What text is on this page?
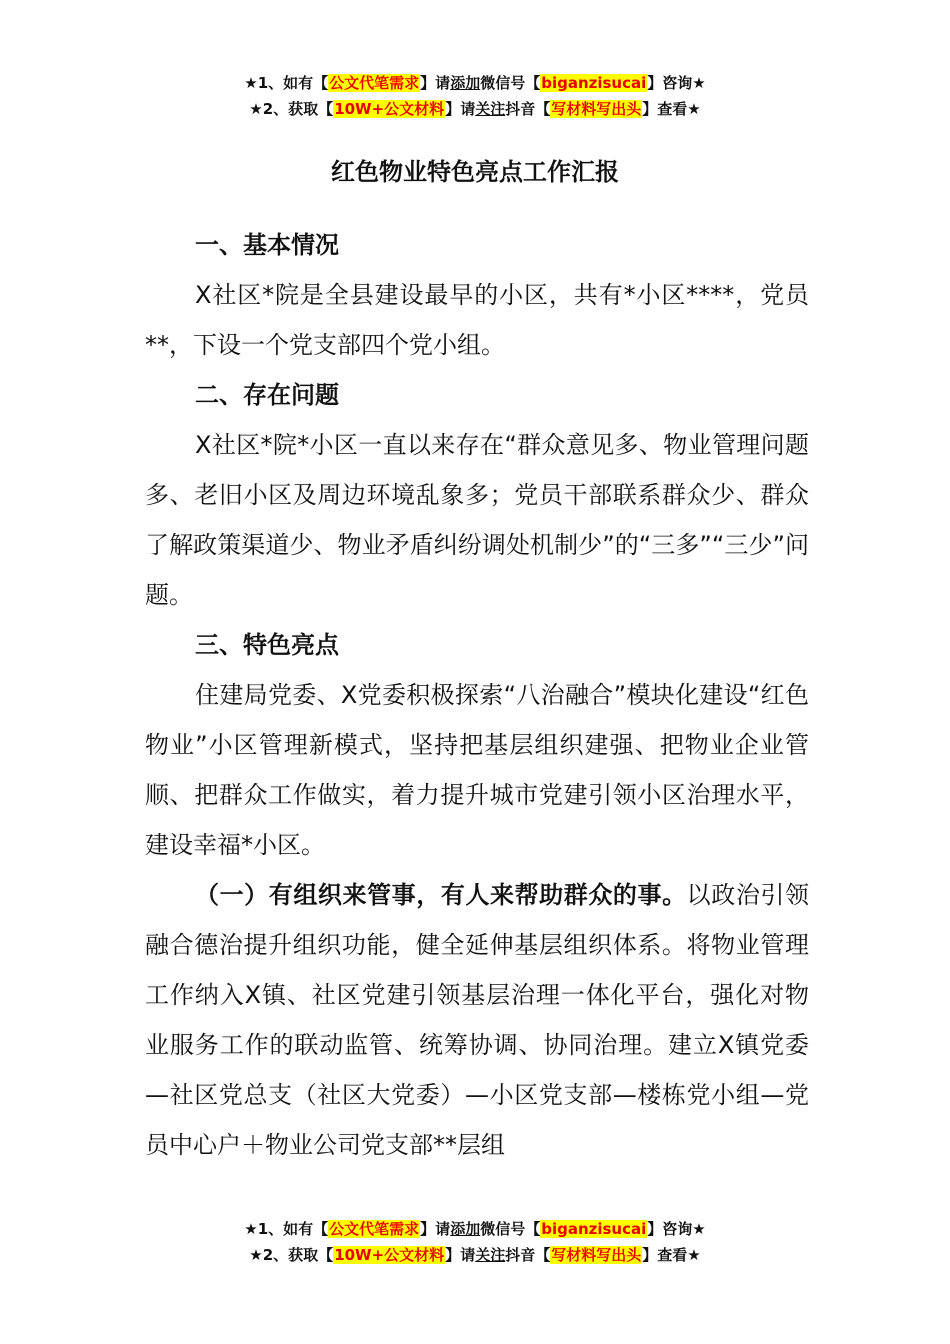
★1、如有【公文代笔需求】请添加微信号【biganzisucai】咨询★
★2、获取【10W+公文材料】请关注抖音【写材料写出头】查看★
红色物业特色亮点工作汇报

一、基本情况

X社区*院是全县建设最早的小区，共有*小区****，党员**，下设一个党支部四个党小组。

二、存在问题

X社区*院*小区一直以来存在“群众意见多、物业管理问题多、老旧小区及周边环境乱象多；党员干部联系群众少、群众了解政策渠道少、物业矛盾纠纷调处机制少”的“三多”“三少”问题。

三、特色亮点

住建局党委、X党委积极探索“八治融合”模块化建设“红色物业”小区管理新模式，坚持把基层组织建强、把物业企业管顺、把群众工作做实，着力提升城市党建引领小区治理水平，建设幸福*小区。

（一）有组织来管事，有人来帮助群众的事。以政治引领融合德治提升组织功能，健全延伸基层组织体系。将物业管理工作纳入X镇、社区党建引领基层治理一体化平台，强化对物业服务工作的联动监管、统筹协调、协同治理。建立X镇党委—社区党总支（社区大党委）—小区党支部—楼栋党小组—党员中心户＋物业公司党支部**层组

★1、如有【公文代笔需求】请添加微信号【biganzisucai】咨询★
★2、获取【10W+公文材料】请关注抖音【写材料写出头】查看★
